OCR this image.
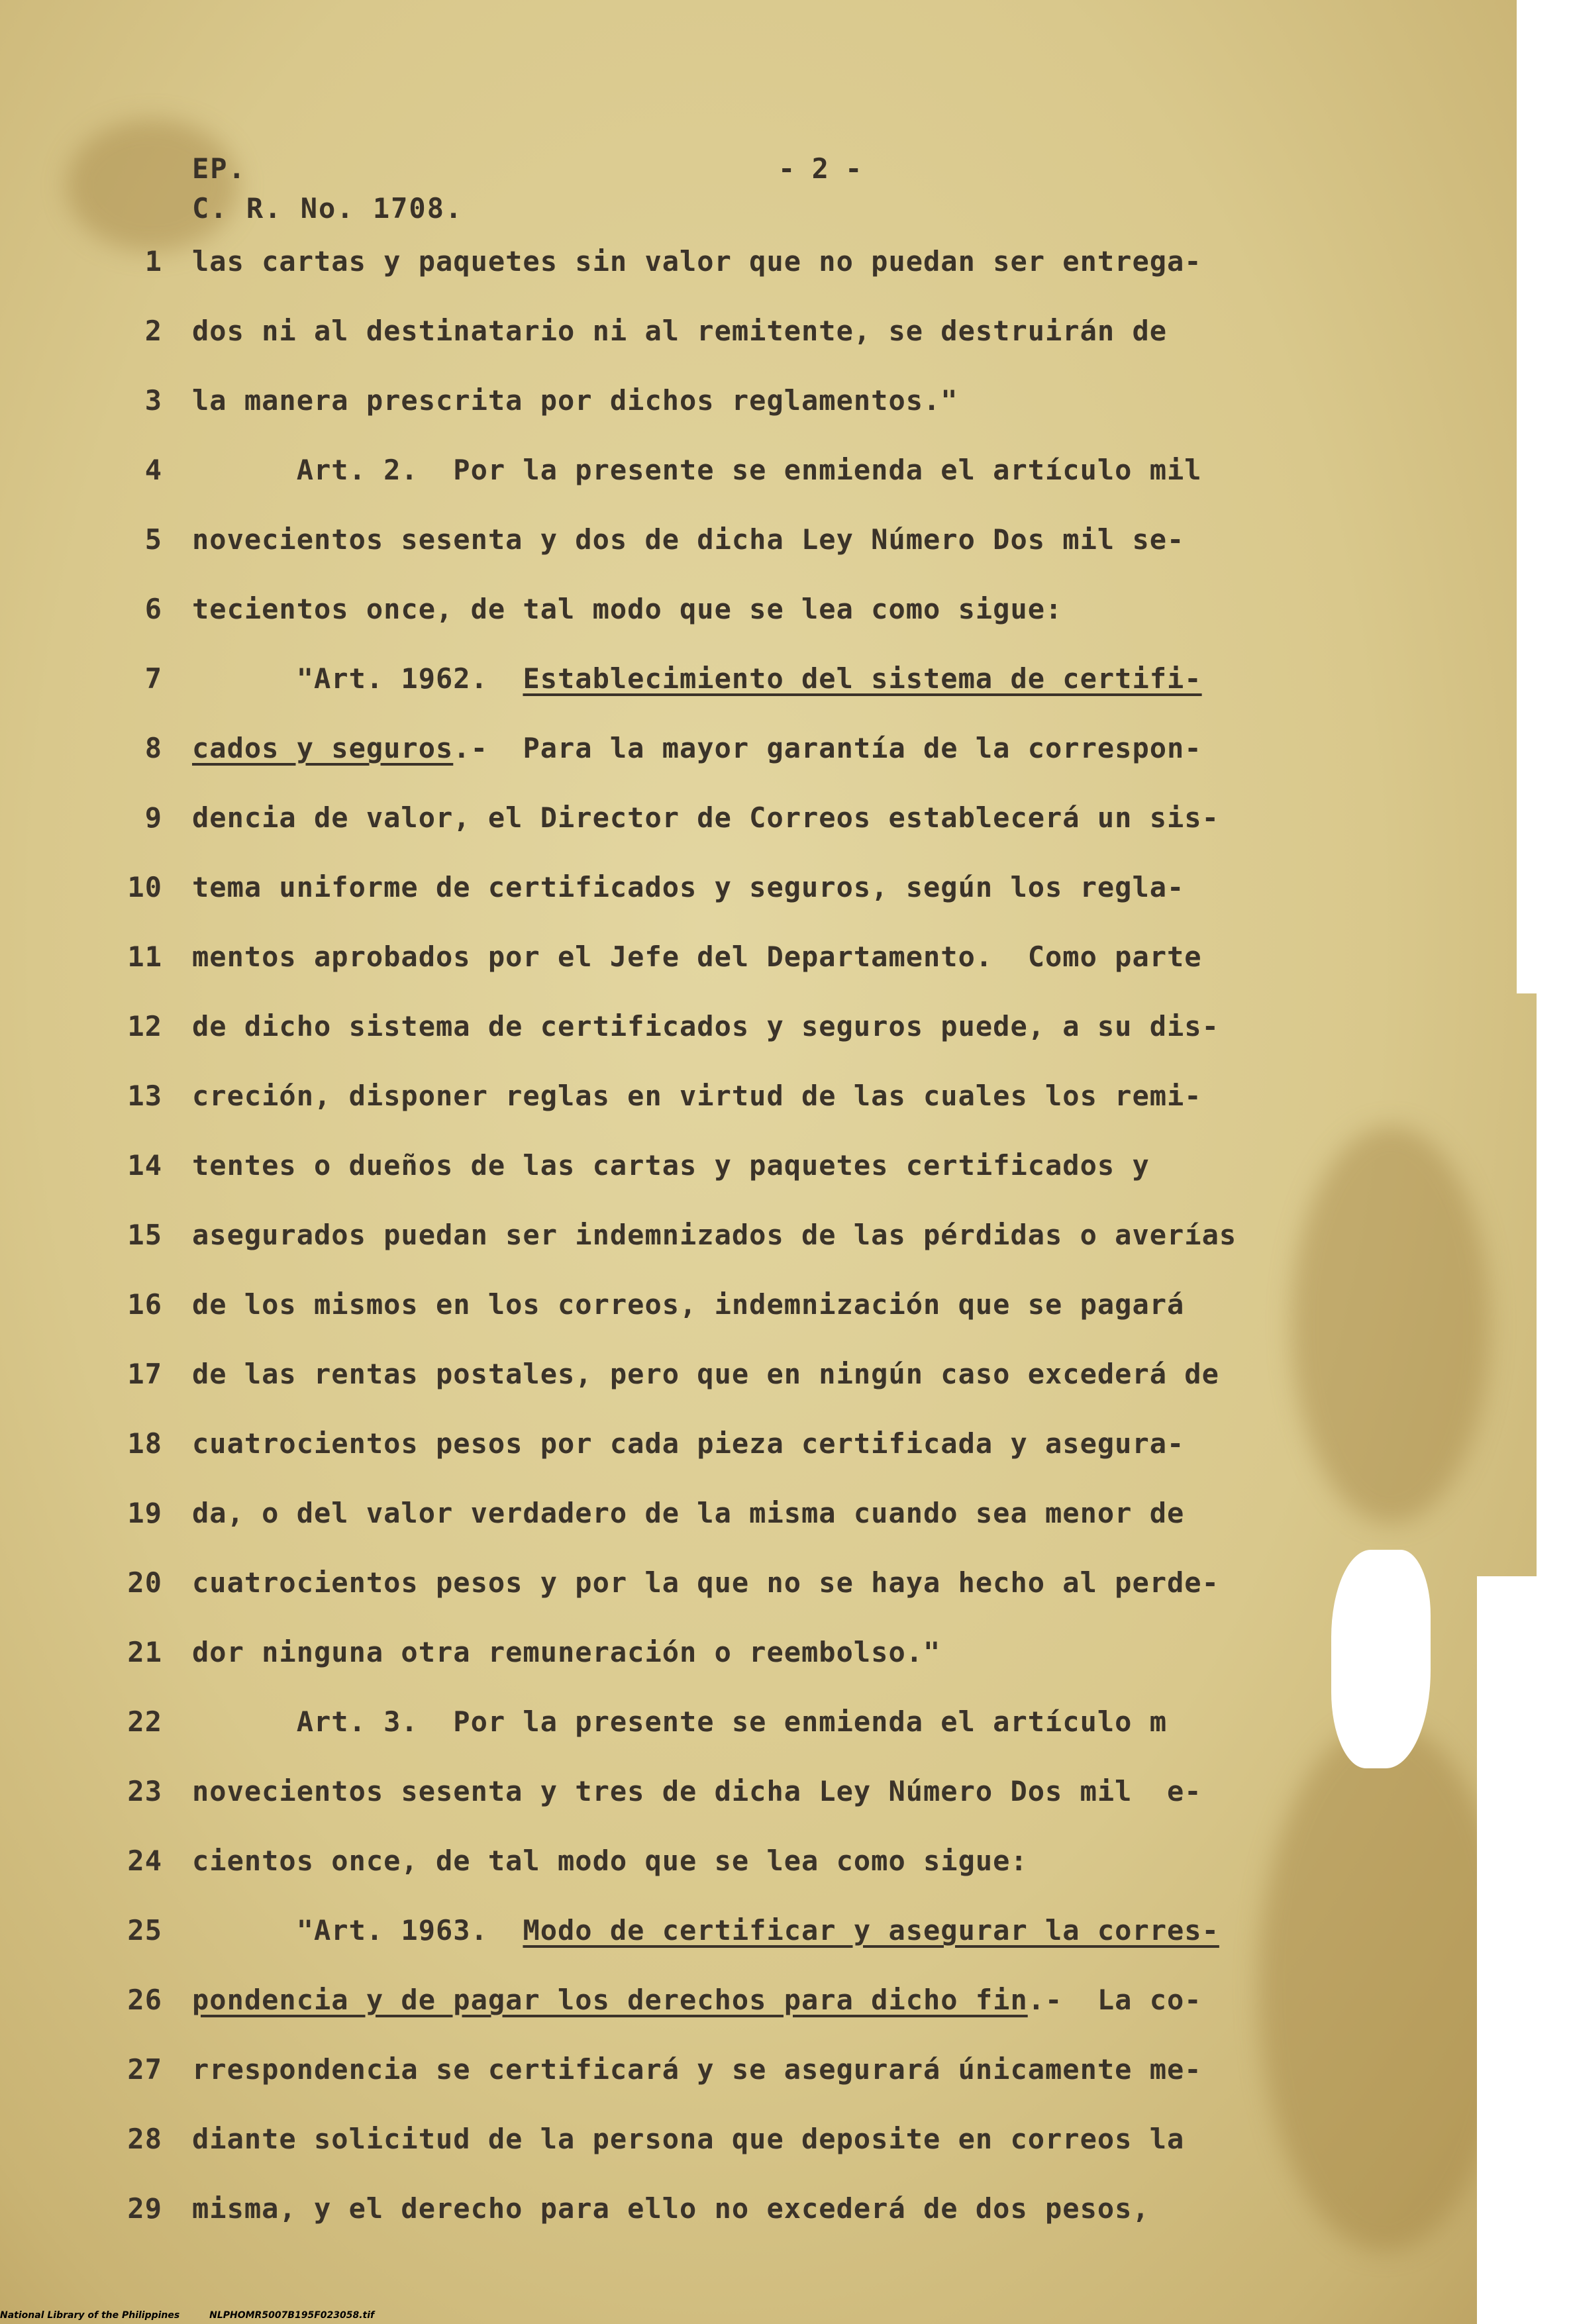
EP.
C. R. No. 1708.
- 2 -
1 las cartas y paquetes sin valor que no puedan ser entrega-
2 dos ni al destinatario ni al remitente, se destruirán de
3 la manera prescrita por dichos reglamentos."
4 Art. 2.  Por la presente se enmienda el artículo mil
5 novecientos sesenta y dos de dicha Ley Número Dos mil se-
6 tecientos once, de tal modo que se lea como sigue:
7 "Art. 1962.  Establecimiento del sistema de certifi-
8 cados y seguros.-  Para la mayor garantía de la correspon-
9 dencia de valor, el Director de Correos establecerá un sis-
10 tema uniforme de certificados y seguros, según los regla-
11 mentos aprobados por el Jefe del Departamento.  Como parte
12 de dicho sistema de certificados y seguros puede, a su dis-
13 creción, disponer reglas en virtud de las cuales los remi-
14 tentes o dueños de las cartas y paquetes certificados y
15 asegurados puedan ser indemnizados de las pérdidas o averías
16 de los mismos en los correos, indemnización que se pagará
17 de las rentas postales, pero que en ningún caso excederá de
18 cuatrocientos pesos por cada pieza certificada y asegura-
19 da, o del valor verdadero de la misma cuando sea menor de
20 cuatrocientos pesos y por la que no se haya hecho al perde-
21 dor ninguna otra remuneración o reembolso."
22 Art. 3.  Por la presente se enmienda el artículo m
23 novecientos sesenta y tres de dicha Ley Número Dos mil  e-
24 cientos once, de tal modo que se lea como sigue:
25 "Art. 1963.  Modo de certificar y asegurar la corres-
26 pondencia y de pagar los derechos para dicho fin.-  La co-
27 rrespondencia se certificará y se asegurará únicamente me-
28 diante solicitud de la persona que deposite en correos la
29 misma, y el derecho para ello no excederá de dos pesos,
National Library of the Philippines	NLPHOMR5007B195F023058.tif
